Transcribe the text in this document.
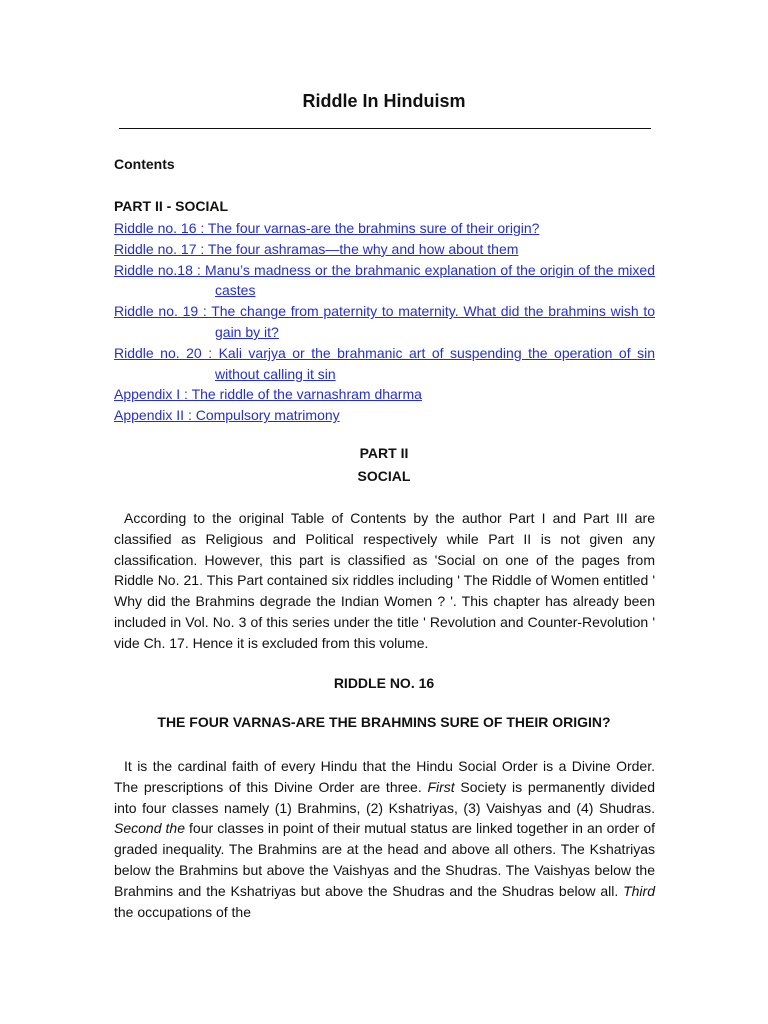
Riddle In Hinduism
Contents
PART II - SOCIAL
Riddle no. 16 : The four varnas-are the brahmins sure of their origin?
Riddle no. 17 : The four ashramas—the why and how about them
Riddle no.18 : Manu’s madness or the brahmanic explanation of the origin of the mixed castes
Riddle no. 19 : The change from paternity to maternity. What did the brahmins wish to gain by it?
Riddle no. 20 : Kali varjya or the brahmanic art of suspending the operation of sin without calling it sin
Appendix I : The riddle of the varnashram dharma
Appendix II : Compulsory matrimony
PART II
SOCIAL

According to the original Table of Contents by the author Part I and Part III are classified as Religious and Political respectively while Part II is not given any classification. However, this part is classified as 'Social on one of the pages from Riddle No. 21. This Part contained six riddles including ' The Riddle of Women entitled ' Why did the Brahmins degrade the Indian Women ? '. This chapter has already been included in Vol. No. 3 of this series under the title ' Revolution and Counter-Revolution ' vide Ch. 17. Hence it is excluded from this volume.

RIDDLE NO. 16
THE FOUR VARNAS-ARE THE BRAHMINS SURE OF THEIR ORIGIN?

It is the cardinal faith of every Hindu that the Hindu Social Order is a Divine Order. The prescriptions of this Divine Order are three. First Society is permanently divided into four classes namely (1) Brahmins, (2) Kshatriyas, (3) Vaishyas and (4) Shudras. Second the four classes in point of their mutual status are linked together in an order of graded inequality. The Brahmins are at the head and above all others. The Kshatriyas below the Brahmins but above the Vaishyas and the Shudras. The Vaishyas below the Brahmins and the Kshatriyas but above the Shudras and the Shudras below all. Third the occupations of the
